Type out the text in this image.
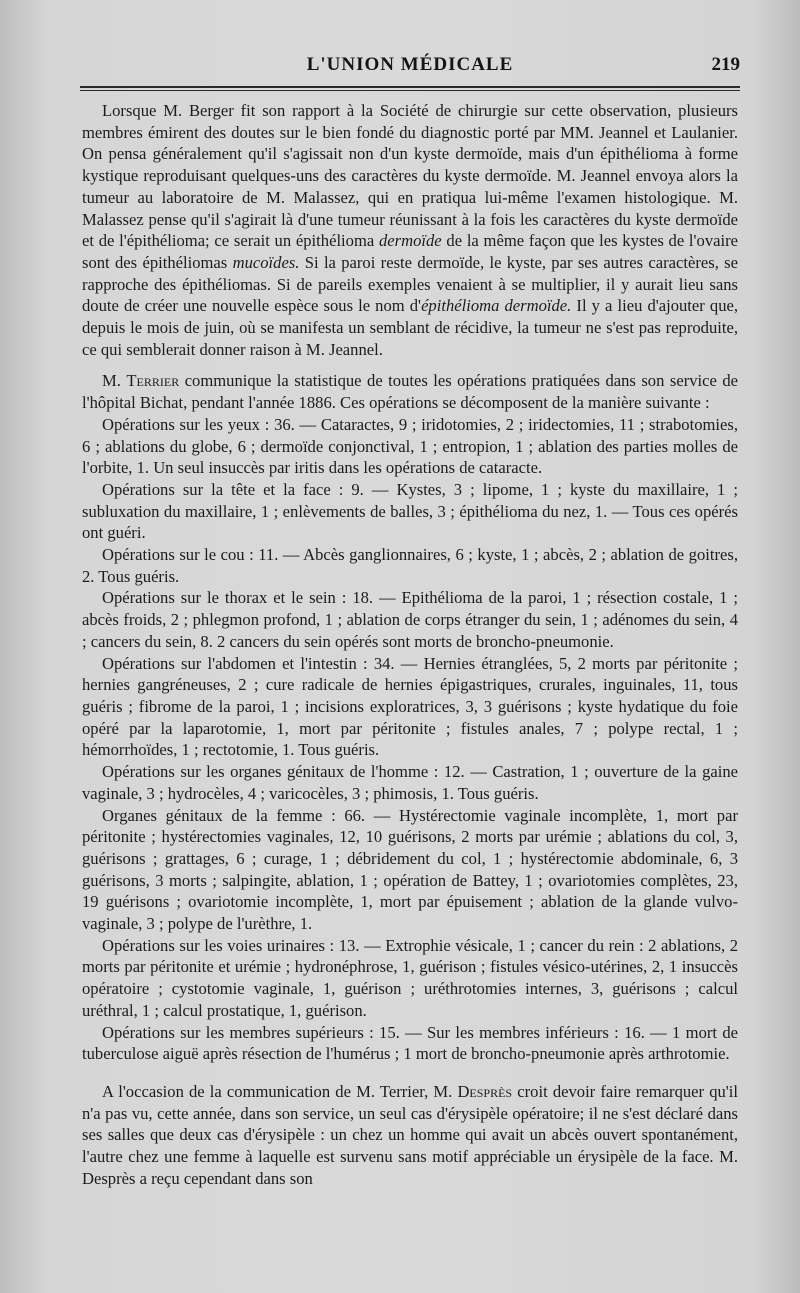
L'UNION MÉDICALE	219

Lorsque M. Berger fit son rapport à la Société de chirurgie sur cette observation, plusieurs membres émirent des doutes sur le bien fondé du diagnostic porté par MM. Jeannel et Laulanier. On pensa généralement qu'il s'agissait non d'un kyste dermoïde, mais d'un épithélioma à forme kystique reproduisant quelques-uns des caractères du kyste dermoïde. M. Jeannel envoya alors la tumeur au laboratoire de M. Malassez, qui en pratiqua lui-même l'examen histologique. M. Malassez pense qu'il s'agirait là d'une tumeur réunissant à la fois les caractères du kyste dermoïde et de l'épithélioma; ce serait un épithélioma dermoïde de la même façon que les kystes de l'ovaire sont des épithéliomas mucoïdes. Si la paroi reste dermoïde, le kyste, par ses autres caractères, se rapproche des épithéliomas. Si de pareils exemples venaient à se multiplier, il y aurait lieu sans doute de créer une nouvelle espèce sous le nom d'épithélioma dermoïde. Il y a lieu d'ajouter que, depuis le mois de juin, où se manifesta un semblant de récidive, la tumeur ne s'est pas reproduite, ce qui semblerait donner raison à M. Jeannel.

M. Terrier communique la statistique de toutes les opérations pratiquées dans son service de l'hôpital Bichat, pendant l'année 1886. Ces opérations se décomposent de la manière suivante :

Opérations sur les yeux : 36. — Cataractes, 9 ; iridotomies, 2 ; iridectomies, 11 ; strabotomies, 6 ; ablations du globe, 6 ; dermoïde conjonctival, 1 ; entropion, 1 ; ablation des parties molles de l'orbite, 1. Un seul insuccès par iritis dans les opérations de cataracte.

Opérations sur la tête et la face : 9. — Kystes, 3 ; lipome, 1 ; kyste du maxillaire, 1 ; subluxation du maxillaire, 1 ; enlèvements de balles, 3 ; épithélioma du nez, 1. — Tous ces opérés ont guéri.

Opérations sur le cou : 11. — Abcès ganglionnaires, 6 ; kyste, 1 ; abcès, 2 ; ablation de goitres, 2. Tous guéris.

Opérations sur le thorax et le sein : 18. — Epithélioma de la paroi, 1 ; résection costale, 1 ; abcès froids, 2 ; phlegmon profond, 1 ; ablation de corps étranger du sein, 1 ; adénomes du sein, 4 ; cancers du sein, 8. 2 cancers du sein opérés sont morts de broncho-pneumonie.

Opérations sur l'abdomen et l'intestin : 34. — Hernies étranglées, 5, 2 morts par péritonite ; hernies gangréneuses, 2 ; cure radicale de hernies épigastriques, crurales, inguinales, 11, tous guéris ; fibrome de la paroi, 1 ; incisions exploratrices, 3, 3 guérisons ; kyste hydatique du foie opéré par la laparotomie, 1, mort par péritonite ; fistules anales, 7 ; polype rectal, 1 ; hémorrhoïdes, 1 ; rectotomie, 1. Tous guéris.

Opérations sur les organes génitaux de l'homme : 12. — Castration, 1 ; ouverture de la gaine vaginale, 3 ; hydrocèles, 4 ; varicocèles, 3 ; phimosis, 1. Tous guéris.

Organes génitaux de la femme : 66. — Hystérectomie vaginale incomplète, 1, mort par péritonite ; hystérectomies vaginales, 12, 10 guérisons, 2 morts par urémie ; ablations du col, 3, guérisons ; grattages, 6 ; curage, 1 ; débridement du col, 1 ; hystérectomie abdominale, 6, 3 guérisons, 3 morts ; salpingite, ablation, 1 ; opération de Battey, 1 ; ovariotomies complètes, 23, 19 guérisons ; ovariotomie incomplète, 1, mort par épuisement ; ablation de la glande vulvo-vaginale, 3 ; polype de l'urèthre, 1.

Opérations sur les voies urinaires : 13. — Extrophie vésicale, 1 ; cancer du rein : 2 ablations, 2 morts par péritonite et urémie ; hydronéphrose, 1, guérison ; fistules vésico-utérines, 2, 1 insuccès opératoire ; cystotomie vaginale, 1, guérison ; uréthrotomies internes, 3, guérisons ; calcul uréthral, 1 ; calcul prostatique, 1, guérison.

Opérations sur les membres supérieurs : 15. — Sur les membres inférieurs : 16. — 1 mort de tuberculose aiguë après résection de l'humérus ; 1 mort de broncho-pneumonie après arthrotomie.

A l'occasion de la communication de M. Terrier, M. Desprès croit devoir faire remarquer qu'il n'a pas vu, cette année, dans son service, un seul cas d'érysipèle opératoire; il ne s'est déclaré dans ses salles que deux cas d'érysipèle : un chez un homme qui avait un abcès ouvert spontanément, l'autre chez une femme à laquelle est survenu sans motif appréciable un érysipèle de la face. M. Desprès a reçu cependant dans son
